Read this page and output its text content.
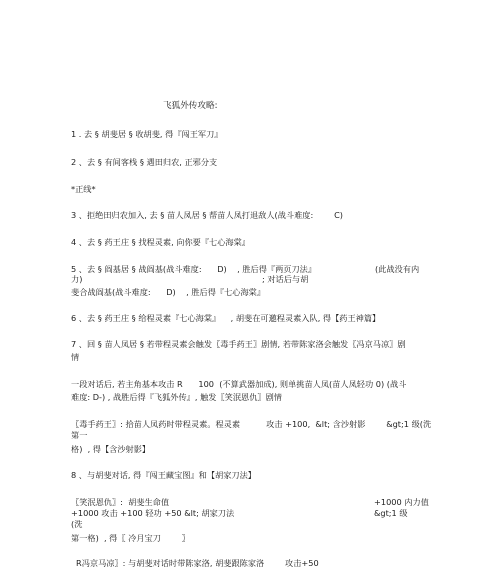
飞狐外传攻略:
1 . 去 § 胡斐居 § 收胡斐, 得『闯王军刀』
2 、去 § 有间客栈 § 遇田归农, 正邪分支
*正线*
3 、拒绝田归农加入, 去 § 苗人凤居 § 帮苗人凤打退敌人(战斗难度:        C)
4 、去 § 药王庄 § 找程灵素, 向你要『七心海棠』
5 、去 § 阎基居 § 战阎基(战斗难度:      D)    , 胜后得『两页刀法』	(此战没有内
力)	; 对话后与胡
斐合战阎基(战斗难度:      D)    , 胜后得『七心海棠』
6 、去 § 药王庄 § 给程灵素『七心海棠』    , 胡斐在可邀程灵素入队, 得【药王神篇】
7 、回 § 苗人凤居 § 若带程灵素会触发〖毒手药王〗剧情, 若带陈家洛会触发〖冯京马凉〗剧
情
一段对话后, 若主角基本攻击 R      100  (不算武器加成), 则单挑苗人凤(苗人凤轻功 0) (战斗
难度: D-) , 战胜后得『飞狐外传』, 触发〖笑泯恩仇〗剧情
〖毒手药王〗: 拾苗人凤药时带程灵素。程灵素          攻击 +100,  &lt; 含沙射影        &gt;1 级(洗
第一
格)  , 得【含沙射影】
8 、与胡斐对话, 得『闯王藏宝图』和【胡家刀法】
〖笑泯恩仇〗:  胡斐生命值	+1000 内力值
+1000 攻击 +100 轻功 +50 &lt; 胡家刀法	&gt;1 级
(洗
第一格)  , 得〖 冷月宝刀        〗
R冯京马凉〗: 与胡斐对话时带陈家洛, 胡斐跟陈家洛        攻击+50
